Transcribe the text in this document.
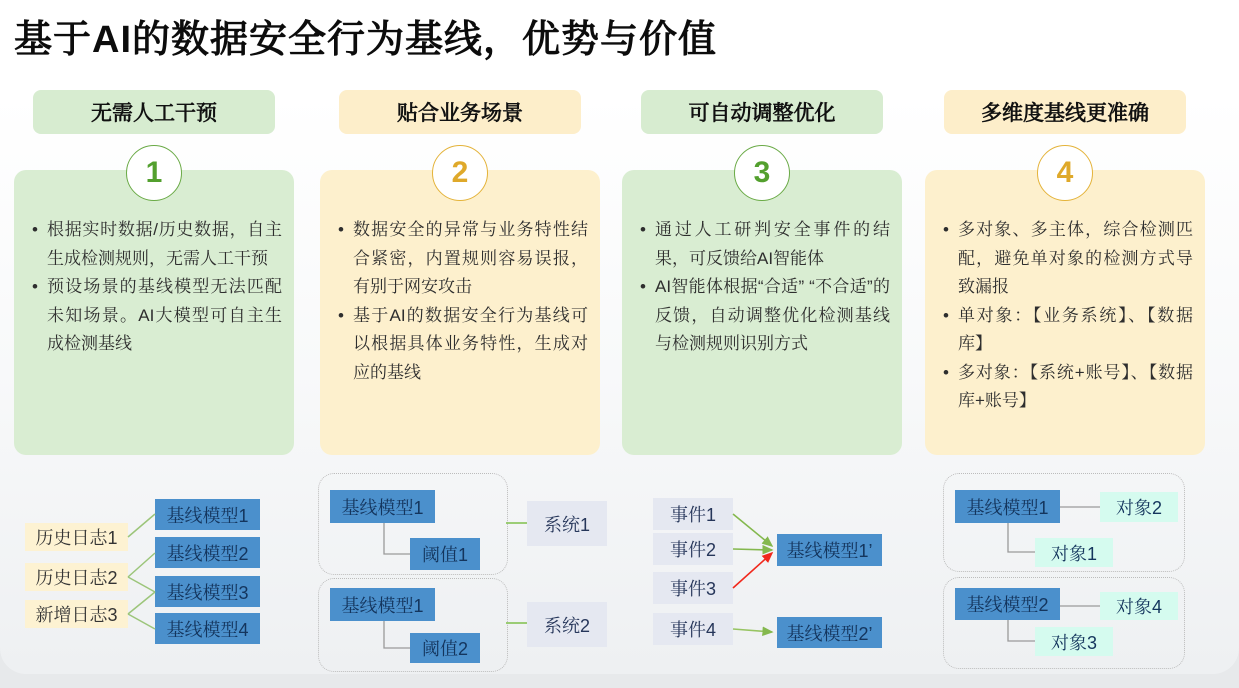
基于AI的数据安全行为基线，优势与价值
• 根据实时数据/历史数据，自主生成检测规则，无需人工干预
• 预设场景的基线模型无法匹配未知场景。AI大模型可自主生成检测基线
无需人工干预
1
• 数据安全的异常与业务特性结合紧密，内置规则容易误报，有别于网安攻击
• 基于AI的数据安全行为基线可以根据具体业务特性，生成对应的基线
贴合业务场景
2
• 通过人工研判安全事件的结果，可反馈给AI智能体
• AI智能体根据“合适” “不合适”的反馈，自动调整优化检测基线与检测规则识别方式
可自动调整优化
3
• 多对象、多主体，综合检测匹配，避免单对象的检测方式导致漏报
• 单对象：【业务系统】、【数据库】
• 多对象：【系统+账号】、【数据库+账号】
多维度基线更准确
4
历史日志1
历史日志2
新增日志3
基线模型1
基线模型2
基线模型3
基线模型4
基线模型1
阈值1
系统1
基线模型1
阈值2
系统2
事件1
事件2
事件3
事件4
基线模型1’
基线模型2’
基线模型1	对象2
对象1
基线模型2	对象4
对象3
